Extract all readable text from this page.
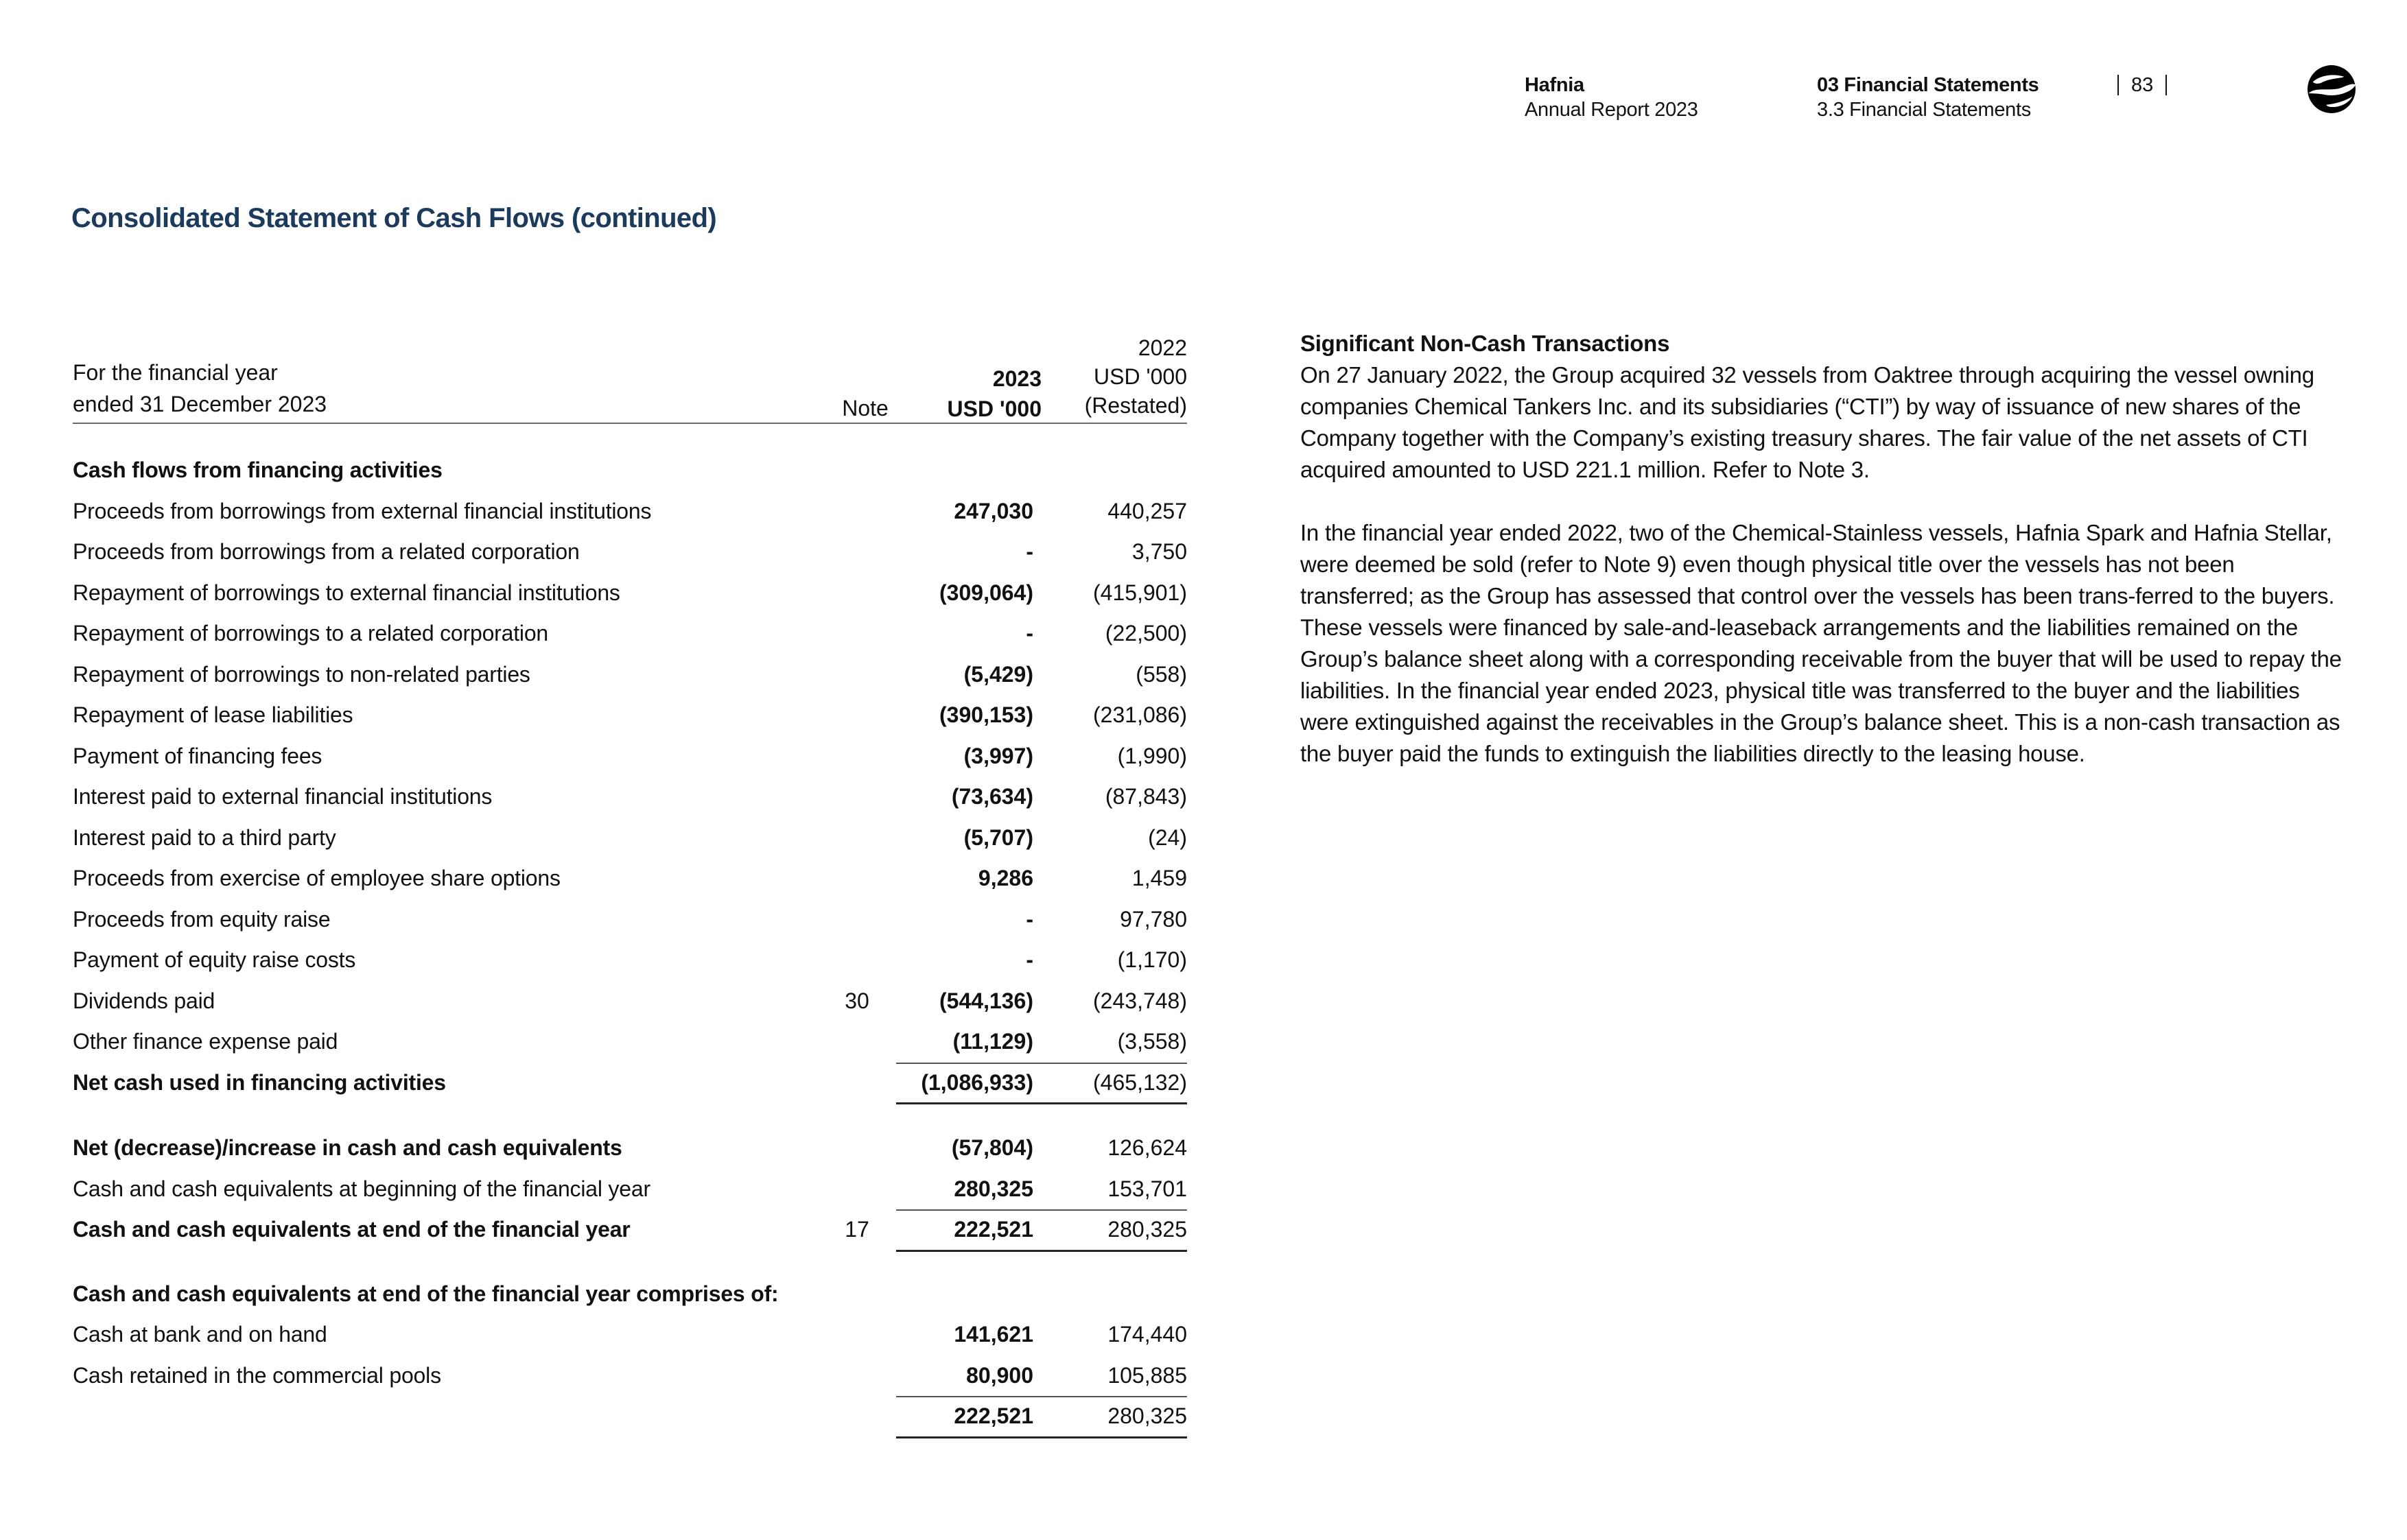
Hafnia
Annual Report 2023
03 Financial Statements
3.3 Financial Statements
83
Consolidated Statement of Cash Flows (continued)
For the financial year
ended 31 December 2023	Note
2023
USD '000
2022
USD '000
(Restated)
Cash flows from financing activities
Proceeds from borrowings from external financial institutions	247,030	440,257
Proceeds from borrowings from a related corporation	-	3,750
Repayment of borrowings to external financial institutions	(309,064)	(415,901)
Repayment of borrowings to a related corporation	-	(22,500)
Repayment of borrowings to non-related parties	(5,429)	(558)
Repayment of lease liabilities	(390,153)	(231,086)
Payment of financing fees	(3,997)	(1,990)
Interest paid to external financial institutions	(73,634)	(87,843)
Interest paid to a third party	(5,707)	(24)
Proceeds from exercise of employee share options	9,286	1,459
Proceeds from equity raise	-	97,780
Payment of equity raise costs	-	(1,170)
Dividends paid	30	(544,136)	(243,748)
Other finance expense paid	(11,129)	(3,558)
Net cash used in financing activities	(1,086,933)	(465,132)
Net (decrease)/increase in cash and cash equivalents	(57,804)	126,624
Cash and cash equivalents at beginning of the financial year	280,325	153,701
Cash and cash equivalents at end of the financial year	17	222,521	280,325
Cash and cash equivalents at end of the financial year comprises of:
Cash at bank and on hand	141,621	174,440
Cash retained in the commercial pools	80,900	105,885
222,521	280,325
Significant Non-Cash Transactions

On 27 January 2022, the Group acquired 32 vessels from Oaktree through acquiring the vessel owning companies Chemical Tankers Inc. and its subsidiaries (“CTI”) by way of issuance of new shares of the Company together with the Company’s existing treasury shares. The fair value of the net assets of CTI acquired amounted to USD 221.1 million. Refer to Note 3.

In the financial year ended 2022, two of the Chemical-Stainless vessels, Hafnia Spark and Hafnia Stellar, were deemed be sold (refer to Note 9) even though physical title over the vessels has not been transferred; as the Group has assessed that control over the vessels has been trans-ferred to the buyers. These vessels were financed by sale-and-leaseback arrangements and the liabilities remained on the Group’s balance sheet along with a corresponding receivable from the buyer that will be used to repay the liabilities. In the financial year ended 2023, physical title was transferred to the buyer and the liabilities were extinguished against the receivables in the Group’s balance sheet. This is a non-cash transaction as the buyer paid the funds to extinguish the liabilities directly to the leasing house.
